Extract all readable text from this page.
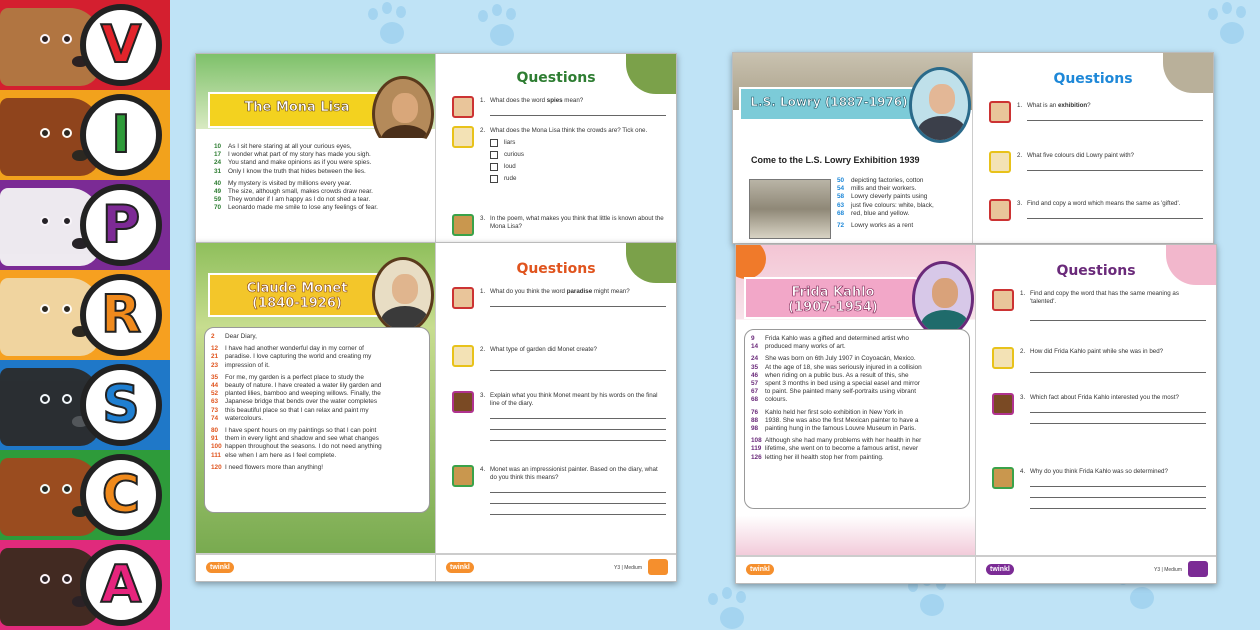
V
I
P
R
S
C
A
The Mona Lisa
10	As I sit here staring at all your curious eyes,
17	I wonder what part of my story has made you sigh.
24	You stand and make opinions as if you were spies.
31	Only I know the truth that hides between the lies.
40	My mystery is visited by millions every year.
49	The size, although small, makes crowds draw near.
59	They wonder if I am happy as I do not shed a tear.
70	Leonardo made me smile to lose any feelings of fear.
Questions
1. What does the word spies mean?
2. What does the Mona Lisa think the crowds are? Tick one.
liars
curious
loud
rude
3. In the poem, what makes you think that little is known about the Mona Lisa?
Claude Monet
(1840-1926)
2	Dear Diary,
12	I have had another wonderful day in my corner of
21	paradise. I love capturing the world and creating my
23	impression of it.
35	For me, my garden is a perfect place to study the
44	beauty of nature. I have created a water lily garden and
52	planted lilies, bamboo and weeping willows. Finally, the
63	Japanese bridge that bends over the water completes
73	this beautiful place so that I can relax and paint my
74	watercolours.
80	I have spent hours on my paintings so that I can point
91	them in every light and shadow and see what changes
100 happen throughout the seasons. I do not need anything
111 else when I am here as I feel complete.
120 I need flowers more than anything!
twinkl
Questions
1. What do you think the word paradise might mean?
2. What type of garden did Monet create?
3. Explain what you think Monet meant by his words on the final line of the diary.
4. Monet was an impressionist painter. Based on the diary, what do you think this means?
twinkl	Y3 | Medium
L.S. Lowry (1887-1976)
Come to the L.S. Lowry Exhibition 1939
50	depicting factories, cotton
54	mills and their workers.
58	Lowry cleverly paints using
63	just five colours: white, black,
68	red, blue and yellow.
72	Lowry works as a rent
Questions
1. What is an exhibition?
2. What five colours did Lowry paint with?
3. Find and copy a word which means the same as 'gifted'.
Frida Kahlo
(1907-1954)
9	Frida Kahlo was a gifted and determined artist who
14	produced many works of art.
24	She was born on 6th July 1907 in Coyoacán, Mexico.
35	At the age of 18, she was seriously injured in a collision
46	when riding on a public bus. As a result of this, she
57	spent 3 months in bed using a special easel and mirror
67	to paint. She painted many self-portraits using vibrant
68	colours.
76	Kahlo held her first solo exhibition in New York in
88	1938. She was also the first Mexican painter to have a
98	painting hung in the famous Louvre Museum in Paris.
108 Although she had many problems with her health in her
119 lifetime, she went on to become a famous artist, never
126 letting her ill health stop her from painting.
twinkl
Questions
1. Find and copy the word that has the same meaning as 'talented'.
2. How did Frida Kahlo paint while she was in bed?
3. Which fact about Frida Kahlo interested you the most?
4. Why do you think Frida Kahlo was so determined?
twinkl	Y3 | Medium
